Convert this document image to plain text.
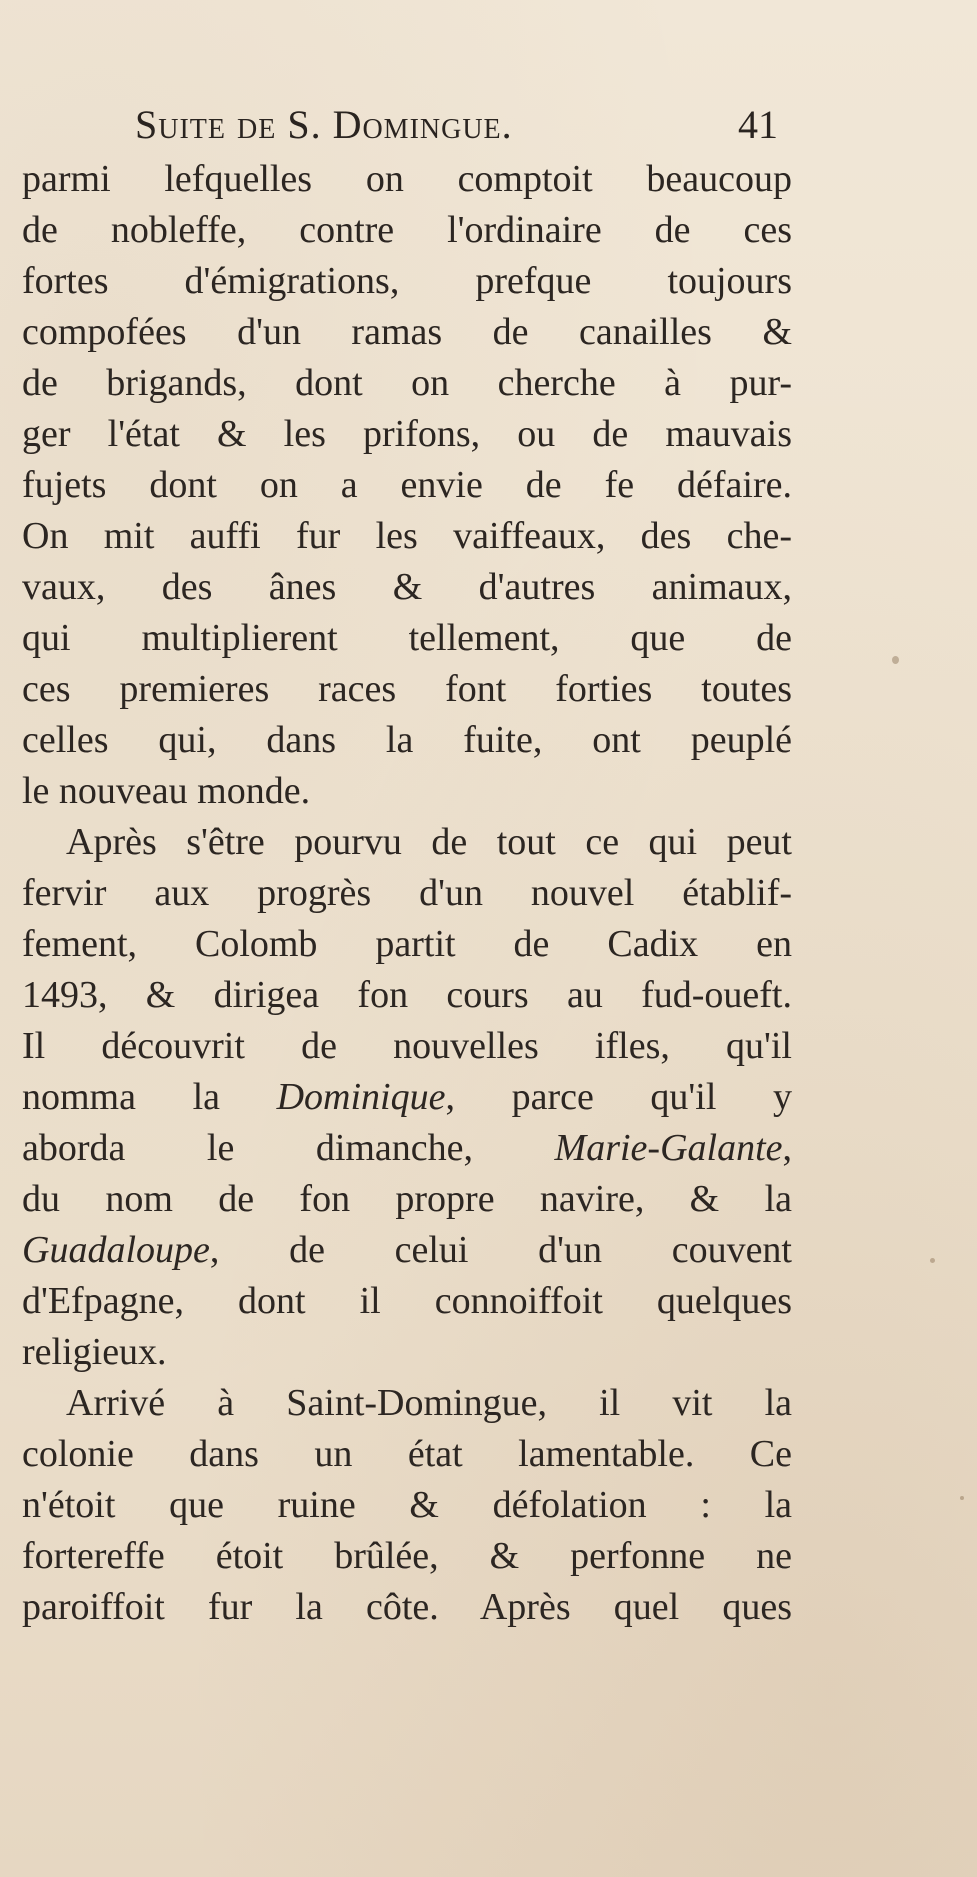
Suite de S. Domingue.	41
parmi lefquelles on comptoit beaucoup
de nobleffe, contre l'ordinaire de ces
fortes d'émigrations, prefque toujours
compofées d'un ramas de canailles &
de brigands, dont on cherche à pur-
ger l'état & les prifons, ou de mauvais
fujets dont on a envie de fe défaire.
On mit auffi fur les vaiffeaux, des che-
vaux, des ânes & d'autres animaux,
qui multiplierent tellement, que de
ces premieres races font forties toutes
celles qui, dans la fuite, ont peuplé
le nouveau monde.
Après s'être pourvu de tout ce qui peut
fervir aux progrès d'un nouvel établif-
fement, Colomb partit de Cadix en
1493, & dirigea fon cours au fud-oueft.
Il découvrit de nouvelles ifles, qu'il
nomma la Dominique, parce qu'il y
aborda le dimanche, Marie-Galante,
du nom de fon propre navire, & la
Guadaloupe, de celui d'un couvent
d'Efpagne, dont il connoiffoit quelques
religieux.
Arrivé à Saint-Domingue, il vit la
colonie dans un état lamentable. Ce
n'étoit que ruine & défolation : la
fortereffe étoit brûlée, & perfonne ne
paroiffoit fur la côte. Après quel ques
